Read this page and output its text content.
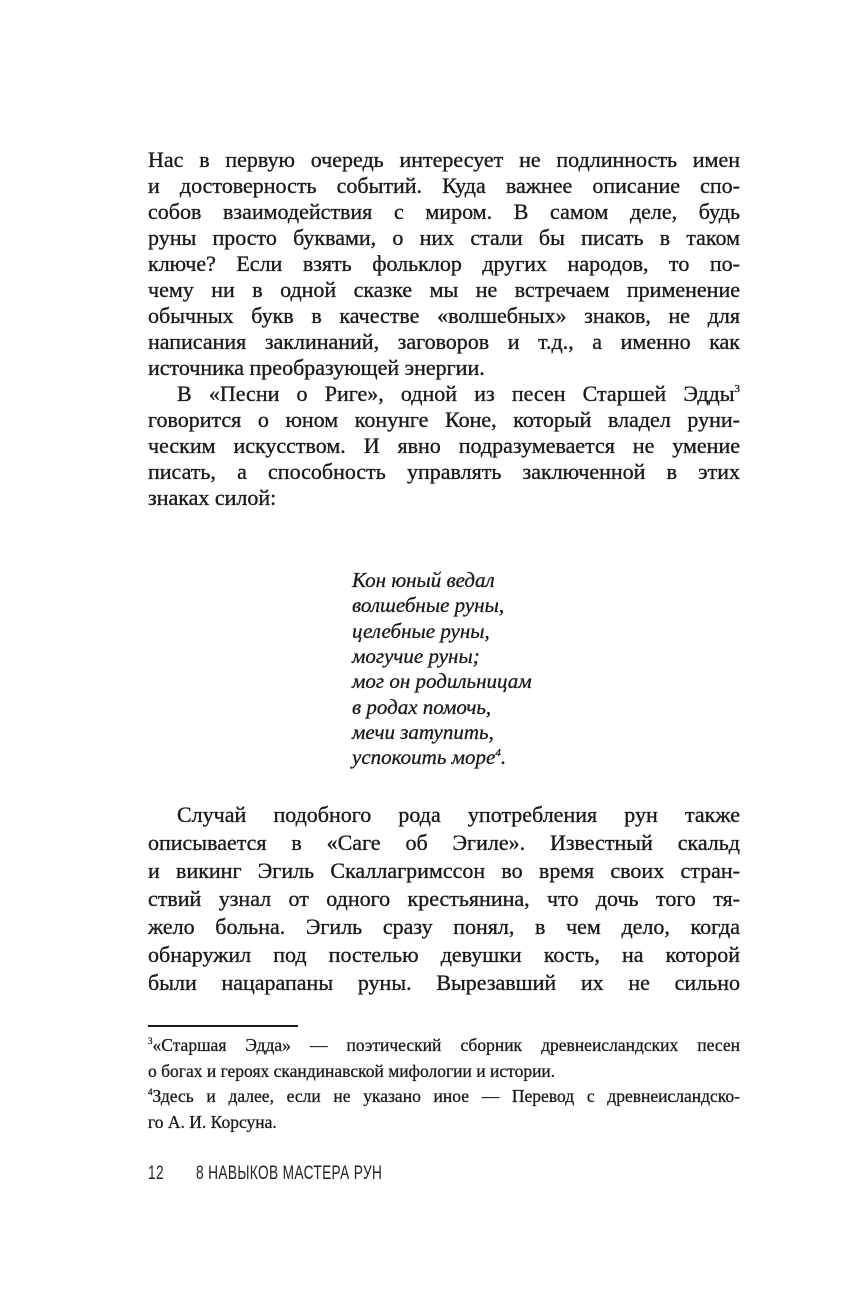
Нас в первую очередь интересует не подлинность имен
и достоверность событий. Куда важнее описание спо-
собов взаимодействия с миром. В самом деле, будь
руны просто буквами, о них стали бы писать в таком
ключе? Если взять фольклор других народов, то по-
чему ни в одной сказке мы не встречаем применение
обычных букв в качестве «волшебных» знаков, не для
написания заклинаний, заговоров и т.д., а именно как
источника преобразующей энергии.
В «Песни о Риге», одной из песен Старшей Эдды$^3$
говорится о юном конунге Коне, который владел руни-
ческим искусством. И явно подразумевается не умение
писать, а способность управлять заключенной в этих
знаках силой:
Случай подобного рода употребления рун также
описывается в «Саге об Эгиле». Известный скальд
и викинг Эгиль Скаллагримссон во время своих стран-
ствий узнал от одного крестьянина, что дочь того тя-
жело больна. Эгиль сразу понял, в чем дело, когда
обнаружил под постелью девушки кость, на которой
были нацарапаны руны. Вырезавший их не сильно
Кон юный ведал
волшебные руны,
целебные руны,
могучие руны;
мог он родильницам
в родах помочь,
мечи затупить,
успокоить море$^4$.
$^3$«Старшая Эдда» — поэтический сборник древнеисландских песен
о богах и героях скандинавской мифологии и истории.
$^4$Здесь и далее, если не указано иное — Перевод с древнеисландско-
го А. И. Корсуна.
12 8 НАВЫКОВ МАСТЕРА РУН
